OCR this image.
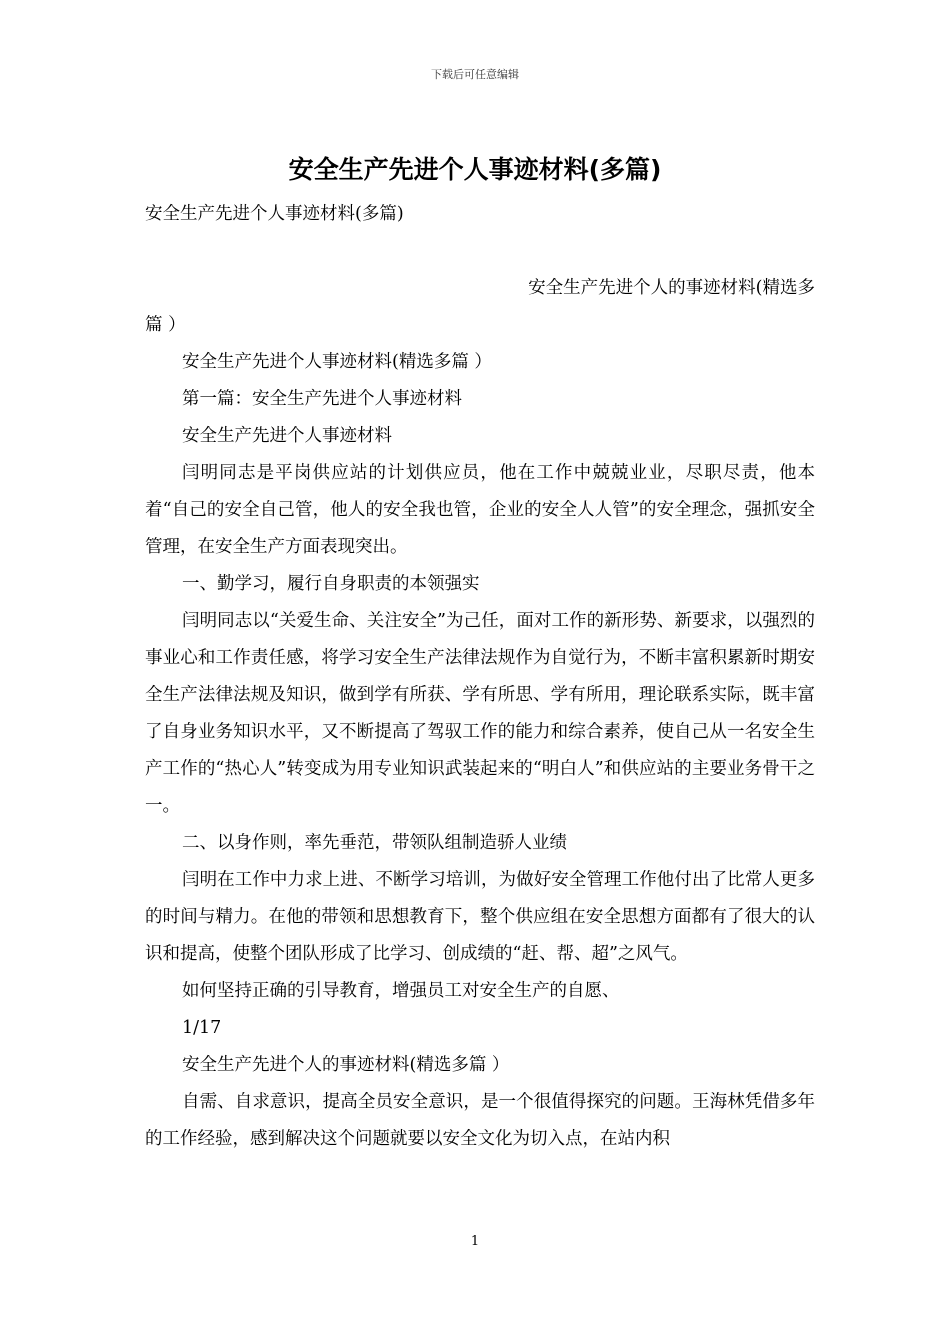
下载后可任意编辑
安全生产先进个人事迹材料(多篇)

安全生产先进个人事迹材料(多篇)

安全生产先进个人的事迹材料(精选多

篇 ）

安全生产先进个人事迹材料(精选多篇 ）

第一篇：安全生产先进个人事迹材料

安全生产先进个人事迹材料

闫明同志是平岗供应站的计划供应员，他在工作中兢兢业业，尽职尽责，他本着“自己的安全自己管，他人的安全我也管，企业的安全人人管”的安全理念，强抓安全管理，在安全生产方面表现突出。

一、勤学习，履行自身职责的本领强实

闫明同志以“关爱生命、关注安全”为己任，面对工作的新形势、新要求，以强烈的事业心和工作责任感，将学习安全生产法律法规作为自觉行为，不断丰富积累新时期安全生产法律法规及知识，做到学有所获、学有所思、学有所用，理论联系实际，既丰富了自身业务知识水平，又不断提高了驾驭工作的能力和综合素养，使自己从一名安全生产工作的“热心人”转变成为用专业知识武装起来的“明白人”和供应站的主要业务骨干之一。

二、以身作则，率先垂范，带领队组制造骄人业绩

闫明在工作中力求上进、不断学习培训，为做好安全管理工作他付出了比常人更多的时间与精力。在他的带领和思想教育下，整个供应组在安全思想方面都有了很大的认识和提高，使整个团队形成了比学习、创成绩的“赶、帮、超”之风气。

如何坚持正确的引导教育，增强员工对安全生产的自愿、

1/17

安全生产先进个人的事迹材料(精选多篇 ）

自需、自求意识，提高全员安全意识，是一个很值得探究的问题。王海林凭借多年的工作经验，感到解决这个问题就要以安全文化为切入点，在站内积

1
